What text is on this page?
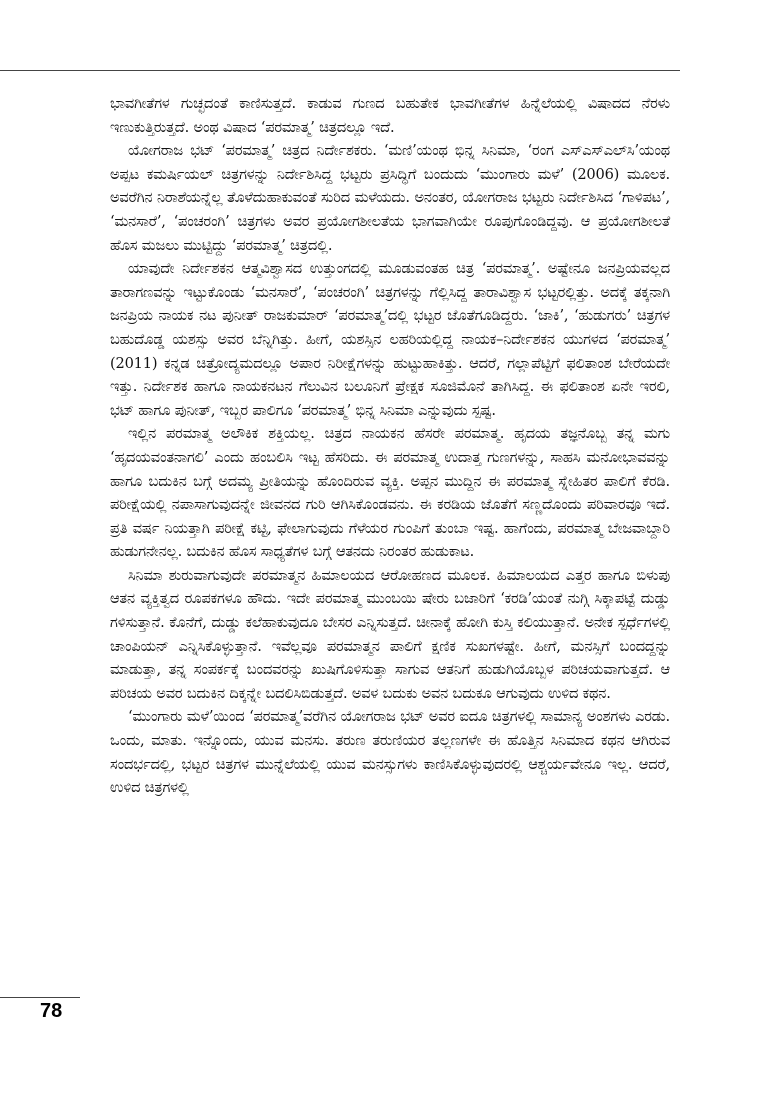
ಭಾವಗೀತೆಗಳ ಗುಚ್ಛದಂತೆ ಕಾಣಿಸುತ್ತದೆ. ಕಾಡುವ ಗುಣದ ಬಹುತೇಕ ಭಾವಗೀತೆಗಳ ಹಿನ್ನೆಲೆಯಲ್ಲಿ ವಿಷಾದದ ನೆರಳು ಇಣುಕುತ್ತಿರುತ್ತದೆ. ಅಂಥ ವಿಷಾದ ‘ಪರಮಾತ್ಮ’ ಚಿತ್ರದಲ್ಲೂ ಇದೆ.

ಯೋಗರಾಜ ಭಟ್ ‘ಪರಮಾತ್ಮ’ ಚಿತ್ರದ ನಿರ್ದೇಶಕರು. ‘ಮಣಿ’ಯಂಥ ಭಿನ್ನ ಸಿನಿಮಾ, ‘ರಂಗ ಎಸ್‌ಎಸ್‌ಎಲ್‌ಸಿ’ಯಂಥ ಅಪ್ಪಟ ಕಮರ್ಷಿಯಲ್ ಚಿತ್ರಗಳನ್ನು ನಿರ್ದೇಶಿಸಿದ್ದ ಭಟ್ಟರು ಪ್ರಸಿದ್ಧಿಗೆ ಬಂದುದು ‘ಮುಂಗಾರು ಮಳೆ’ (2006) ಮೂಲಕ. ಅವರೆಗಿನ ನಿರಾಶೆಯನ್ನೆಲ್ಲ ತೊಳೆದುಹಾಕುವಂತೆ ಸುರಿದ ಮಳೆಯದು. ಅನಂತರ, ಯೋಗರಾಜ ಭಟ್ಟರು ನಿರ್ದೇಶಿಸಿದ ‘ಗಾಳಿಪಟ’, ‘ಮನಸಾರೆ’, ‘ಪಂಚರಂಗಿ’ ಚಿತ್ರಗಳು ಅವರ ಪ್ರಯೋಗಶೀಲತೆಯ ಭಾಗವಾಗಿಯೇ ರೂಪುಗೊಂಡಿದ್ದವು. ಆ ಪ್ರಯೋಗಶೀಲತೆ ಹೊಸ ಮಜಲು ಮುಟ್ಟಿದ್ದು ‘ಪರಮಾತ್ಮ’ ಚಿತ್ರದಲ್ಲಿ.

ಯಾವುದೇ ನಿರ್ದೇಶಕನ ಆತ್ಮವಿಶ್ವಾಸದ ಉತ್ತುಂಗದಲ್ಲಿ ಮೂಡುವಂತಹ ಚಿತ್ರ ‘ಪರಮಾತ್ಮ’. ಅಷ್ಟೇನೂ ಜನಪ್ರಿಯವಲ್ಲದ ತಾರಾಗಣವನ್ನು ಇಟ್ಟುಕೊಂಡು ‘ಮನಸಾರೆ’, ‘ಪಂಚರಂಗಿ’ ಚಿತ್ರಗಳನ್ನು ಗೆಲ್ಲಿಸಿದ್ದ ತಾರಾವಿಶ್ವಾಸ ಭಟ್ಟರಲ್ಲಿತ್ತು. ಅದಕ್ಕೆ ತಕ್ಕನಾಗಿ ಜನಪ್ರಿಯ ನಾಯಕ ನಟ ಪುನೀತ್ ರಾಜಕುಮಾರ್ ‘ಪರಮಾತ್ಮ’ದಲ್ಲಿ ಭಟ್ಟರ ಜೊತೆಗೂಡಿದ್ದರು. ‘ಜಾಕಿ’, ‘ಹುಡುಗರು’ ಚಿತ್ರಗಳ ಬಹುದೊಡ್ಡ ಯಶಸ್ಸು ಅವರ ಬೆನ್ನಿಗಿತ್ತು. ಹೀಗೆ, ಯಶಸ್ಸಿನ ಲಹರಿಯಲ್ಲಿದ್ದ ನಾಯಕ–ನಿರ್ದೇಶಕನ ಯುಗಳದ ‘ಪರಮಾತ್ಮ’ (2011) ಕನ್ನಡ ಚಿತ್ರೋದ್ಯಮದಲ್ಲೂ ಅಪಾರ ನಿರೀಕ್ಷೆಗಳನ್ನು ಹುಟ್ಟುಹಾಕಿತ್ತು. ಆದರೆ, ಗಲ್ಲಾಪೆಟ್ಟಿಗೆ ಫಲಿತಾಂಶ ಬೇರೆಯದೇ ಇತ್ತು. ನಿರ್ದೇಶಕ ಹಾಗೂ ನಾಯಕನಟನ ಗೆಲುವಿನ ಬಲೂನಿಗೆ ಪ್ರೇಕ್ಷಕ ಸೂಜಿಮೊನೆ ತಾಗಿಸಿದ್ದ. ಈ ಫಲಿತಾಂಶ ಏನೇ ಇರಲಿ, ಭಟ್ ಹಾಗೂ ಪುನೀತ್, ಇಬ್ಬರ ಪಾಲಿಗೂ ‘ಪರಮಾತ್ಮ’ ಭಿನ್ನ ಸಿನಿಮಾ ಎನ್ನುವುದು ಸ್ಪಷ್ಟ.

ಇಲ್ಲಿನ ಪರಮಾತ್ಮ ಅಲೌಕಿಕ ಶಕ್ತಿಯಲ್ಲ. ಚಿತ್ರದ ನಾಯಕನ ಹೆಸರೇ ಪರಮಾತ್ಮ. ಹೃದಯ ತಜ್ಞನೊಬ್ಬ ತನ್ನ ಮಗು ‘ಹೃದಯವಂತನಾಗಲಿ’ ಎಂದು ಹಂಬಲಿಸಿ ಇಟ್ಟ ಹೆಸರಿದು. ಈ ಪರಮಾತ್ಮ ಉದಾತ್ತ ಗುಣಗಳನ್ನು, ಸಾಹಸಿ ಮನೋಭಾವವನ್ನು ಹಾಗೂ ಬದುಕಿನ ಬಗ್ಗೆ ಅದಮ್ಯ ಪ್ರೀತಿಯನ್ನು ಹೊಂದಿರುವ ವ್ಯಕ್ತಿ. ಅಪ್ಪನ ಮುದ್ದಿನ ಈ ಪರಮಾತ್ಮ ಸ್ನೇಹಿತರ ಪಾಲಿಗೆ ಕೆರಡಿ. ಪರೀಕ್ಷೆಯಲ್ಲಿ ನಪಾಸಾಗುವುದನ್ನೇ ಜೀವನದ ಗುರಿ ಆಗಿಸಿಕೊಂಡವನು. ಈ ಕರಡಿಯ ಜೊತೆಗೆ ಸಣ್ಣದೊಂದು ಪರಿವಾರವೂ ಇದೆ. ಪ್ರತಿ ವರ್ಷ ನಿಯತ್ತಾಗಿ ಪರೀಕ್ಷೆ ಕಟ್ಟಿ, ಫೇಲಾಗುವುದು ಗೆಳೆಯರ ಗುಂಪಿಗೆ ತುಂಬಾ ಇಷ್ಟ. ಹಾಗೆಂದು, ಪರಮಾತ್ಮ ಬೇಜವಾಬ್ದಾರಿ ಹುಡುಗನೇನಲ್ಲ. ಬದುಕಿನ ಹೊಸ ಸಾಧ್ಯತೆಗಳ ಬಗ್ಗೆ ಆತನದು ನಿರಂತರ ಹುಡುಕಾಟ.

ಸಿನಿಮಾ ಶುರುವಾಗುವುದೇ ಪರಮಾತ್ಮನ ಹಿಮಾಲಯದ ಆರೋಹಣದ ಮೂಲಕ. ಹಿಮಾಲಯದ ಎತ್ತರ ಹಾಗೂ ಬಿಳುಪು ಆತನ ವ್ಯಕ್ತಿತ್ವದ ರೂಪಕಗಳೂ ಹೌದು. ಇದೇ ಪರಮಾತ್ಮ ಮುಂಬಯಿ ಷೇರು ಬಜಾರಿಗೆ ‘ಕರಡಿ’ಯಂತೆ ನುಗ್ಗಿ ಸಿಕ್ಕಾಪಟ್ಟೆ ದುಡ್ಡು ಗಳಿಸುತ್ತಾನೆ. ಕೊನೆಗೆ, ದುಡ್ಡು ಕಲೆಹಾಕುವುದೂ ಬೇಸರ ಎನ್ನಿಸುತ್ತದೆ. ಚೀನಾಕ್ಕೆ ಹೋಗಿ ಕುಸ್ತಿ ಕಲಿಯುತ್ತಾನೆ. ಅನೇಕ ಸ್ಪರ್ಧೆಗಳಲ್ಲಿ ಚಾಂಪಿಯನ್ ಎನ್ನಿಸಿಕೊಳ್ಳುತ್ತಾನೆ. ಇವೆಲ್ಲವೂ ಪರಮಾತ್ಮನ ಪಾಲಿಗೆ ಕ್ಷಣಿಕ ಸುಖಗಳಷ್ಟೇ. ಹೀಗೆ, ಮನಸ್ಸಿಗೆ ಬಂದದ್ದನ್ನು ಮಾಡುತ್ತಾ, ತನ್ನ ಸಂಪರ್ಕಕ್ಕೆ ಬಂದವರನ್ನು ಖುಷಿಗೊಳಿಸುತ್ತಾ ಸಾಗುವ ಆತನಿಗೆ ಹುಡುಗಿಯೊಬ್ಬಳ ಪರಿಚಯವಾಗುತ್ತದೆ. ಆ ಪರಿಚಯ ಅವರ ಬದುಕಿನ ದಿಕ್ಕನ್ನೇ ಬದಲಿಸಿಬಿಡುತ್ತದೆ. ಅವಳ ಬದುಕು ಅವನ ಬದುಕೂ ಆಗುವುದು ಉಳಿದ ಕಥನ.

‘ಮುಂಗಾರು ಮಳೆ’ಯಿಂದ ‘ಪರಮಾತ್ಮ’ವರೆಗಿನ ಯೋಗರಾಜ ಭಟ್ ಅವರ ಐದೂ ಚಿತ್ರಗಳಲ್ಲಿ ಸಾಮಾನ್ಯ ಅಂಶಗಳು ಎರಡು. ಒಂದು, ಮಾತು. ಇನ್ನೊಂದು, ಯುವ ಮನಸು. ತರುಣ ತರುಣಿಯರ ತಲ್ಲಣಗಳೇ ಈ ಹೊತ್ತಿನ ಸಿನಿಮಾದ ಕಥನ ಆಗಿರುವ ಸಂದರ್ಭದಲ್ಲಿ, ಭಟ್ಟರ ಚಿತ್ರಗಳ ಮುನ್ನೆಲೆಯಲ್ಲಿ ಯುವ ಮನಸ್ಸುಗಳು ಕಾಣಿಸಿಕೊಳ್ಳುವುದರಲ್ಲಿ ಆಶ್ಚರ್ಯವೇನೂ ಇಲ್ಲ. ಆದರೆ, ಉಳಿದ ಚಿತ್ರಗಳಲ್ಲಿ

78
